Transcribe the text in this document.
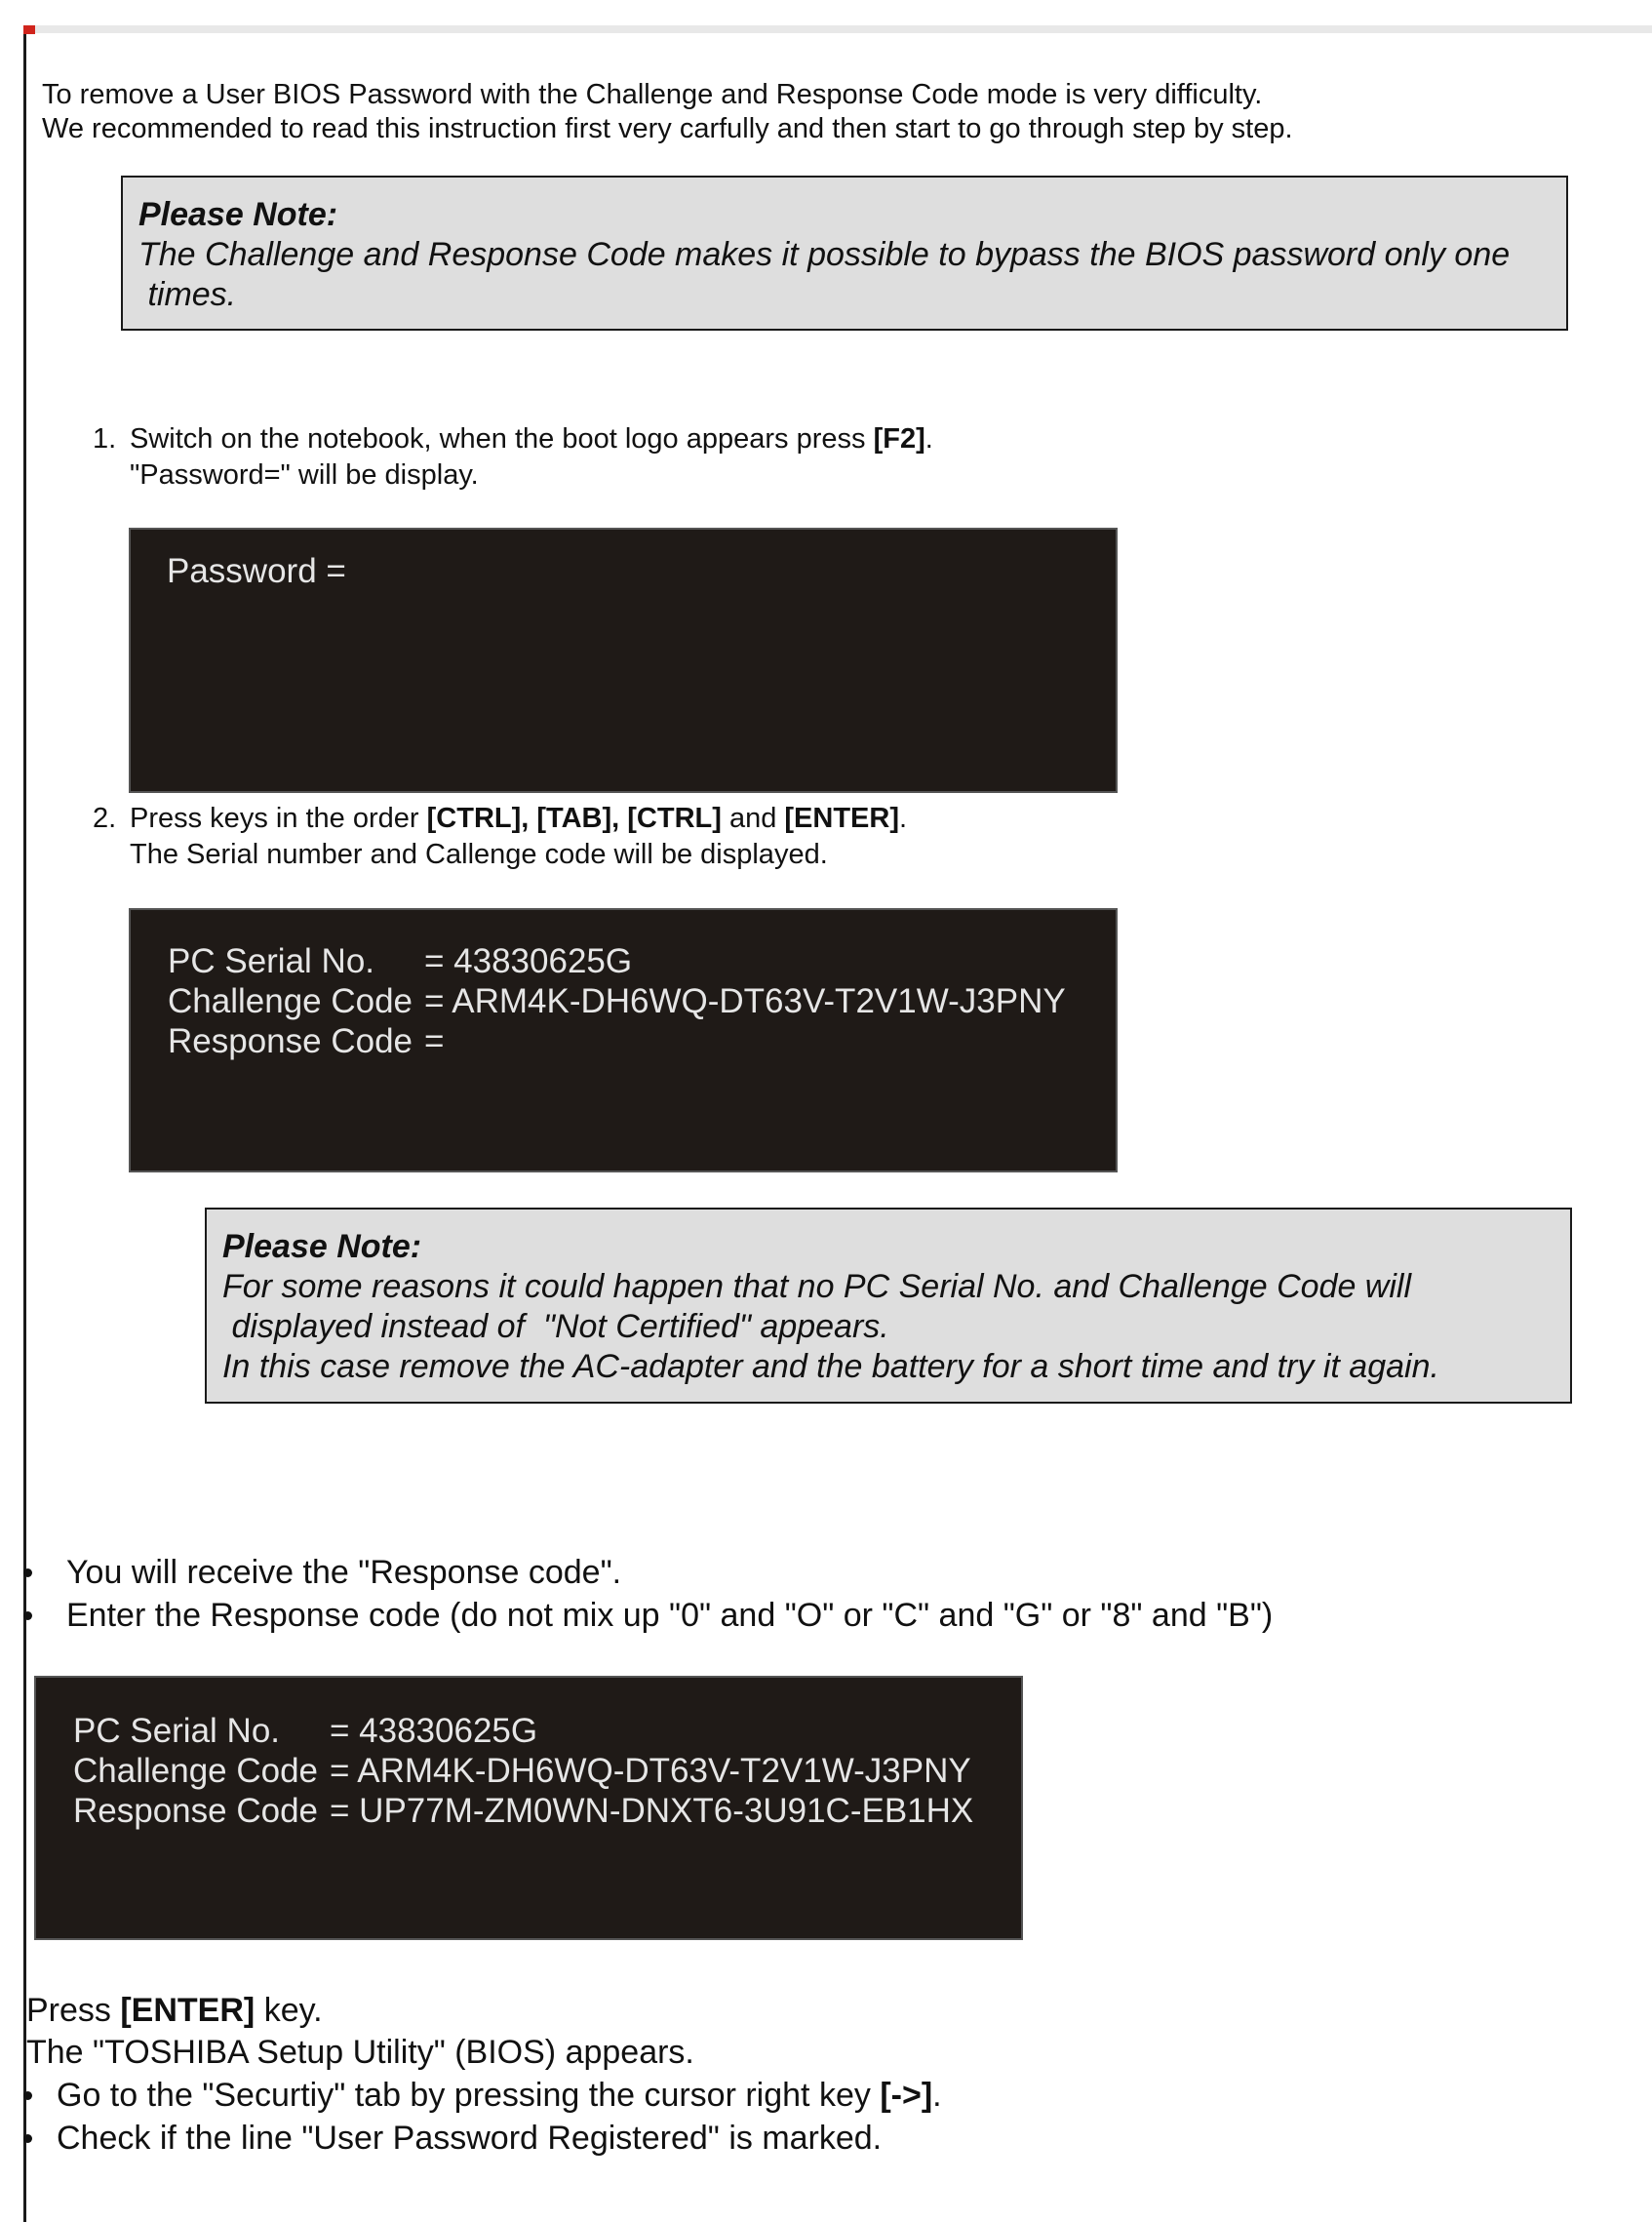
To remove a User BIOS Password with the Challenge and Response Code mode is very difficulty.
We recommended to read this instruction first very carfully and then start to go through step by step.
Please Note:
The Challenge and Response Code makes it possible to bypass the BIOS password only one
times.
1. Switch on the notebook, when the boot logo appears press [F2].
"Password=" will be display.
Password =
2. Press keys in the order [CTRL], [TAB], [CTRL] and [ENTER].
The Serial number and Callenge code will be displayed.
PC Serial No. = 43830625G
Challenge Code = ARM4K-DH6WQ-DT63V-T2V1W-J3PNY
Response Code =
Please Note:
For some reasons it could happen that no PC Serial No. and Challenge Code will
displayed instead of  "Not Certified" appears.
In this case remove the AC-adapter and the battery for a short time and try it again.
You will receive the "Response code".
Enter the Response code (do not mix up "0" and "O" or "C" and "G" or "8" and "B")
PC Serial No. = 43830625G
Challenge Code = ARM4K-DH6WQ-DT63V-T2V1W-J3PNY
Response Code = UP77M-ZM0WN-DNXT6-3U91C-EB1HX
Press [ENTER] key.
The "TOSHIBA Setup Utility" (BIOS) appears.
Go to the "Securtiy" tab by pressing the cursor right key [->].
Check if the line "User Password Registered" is marked.
